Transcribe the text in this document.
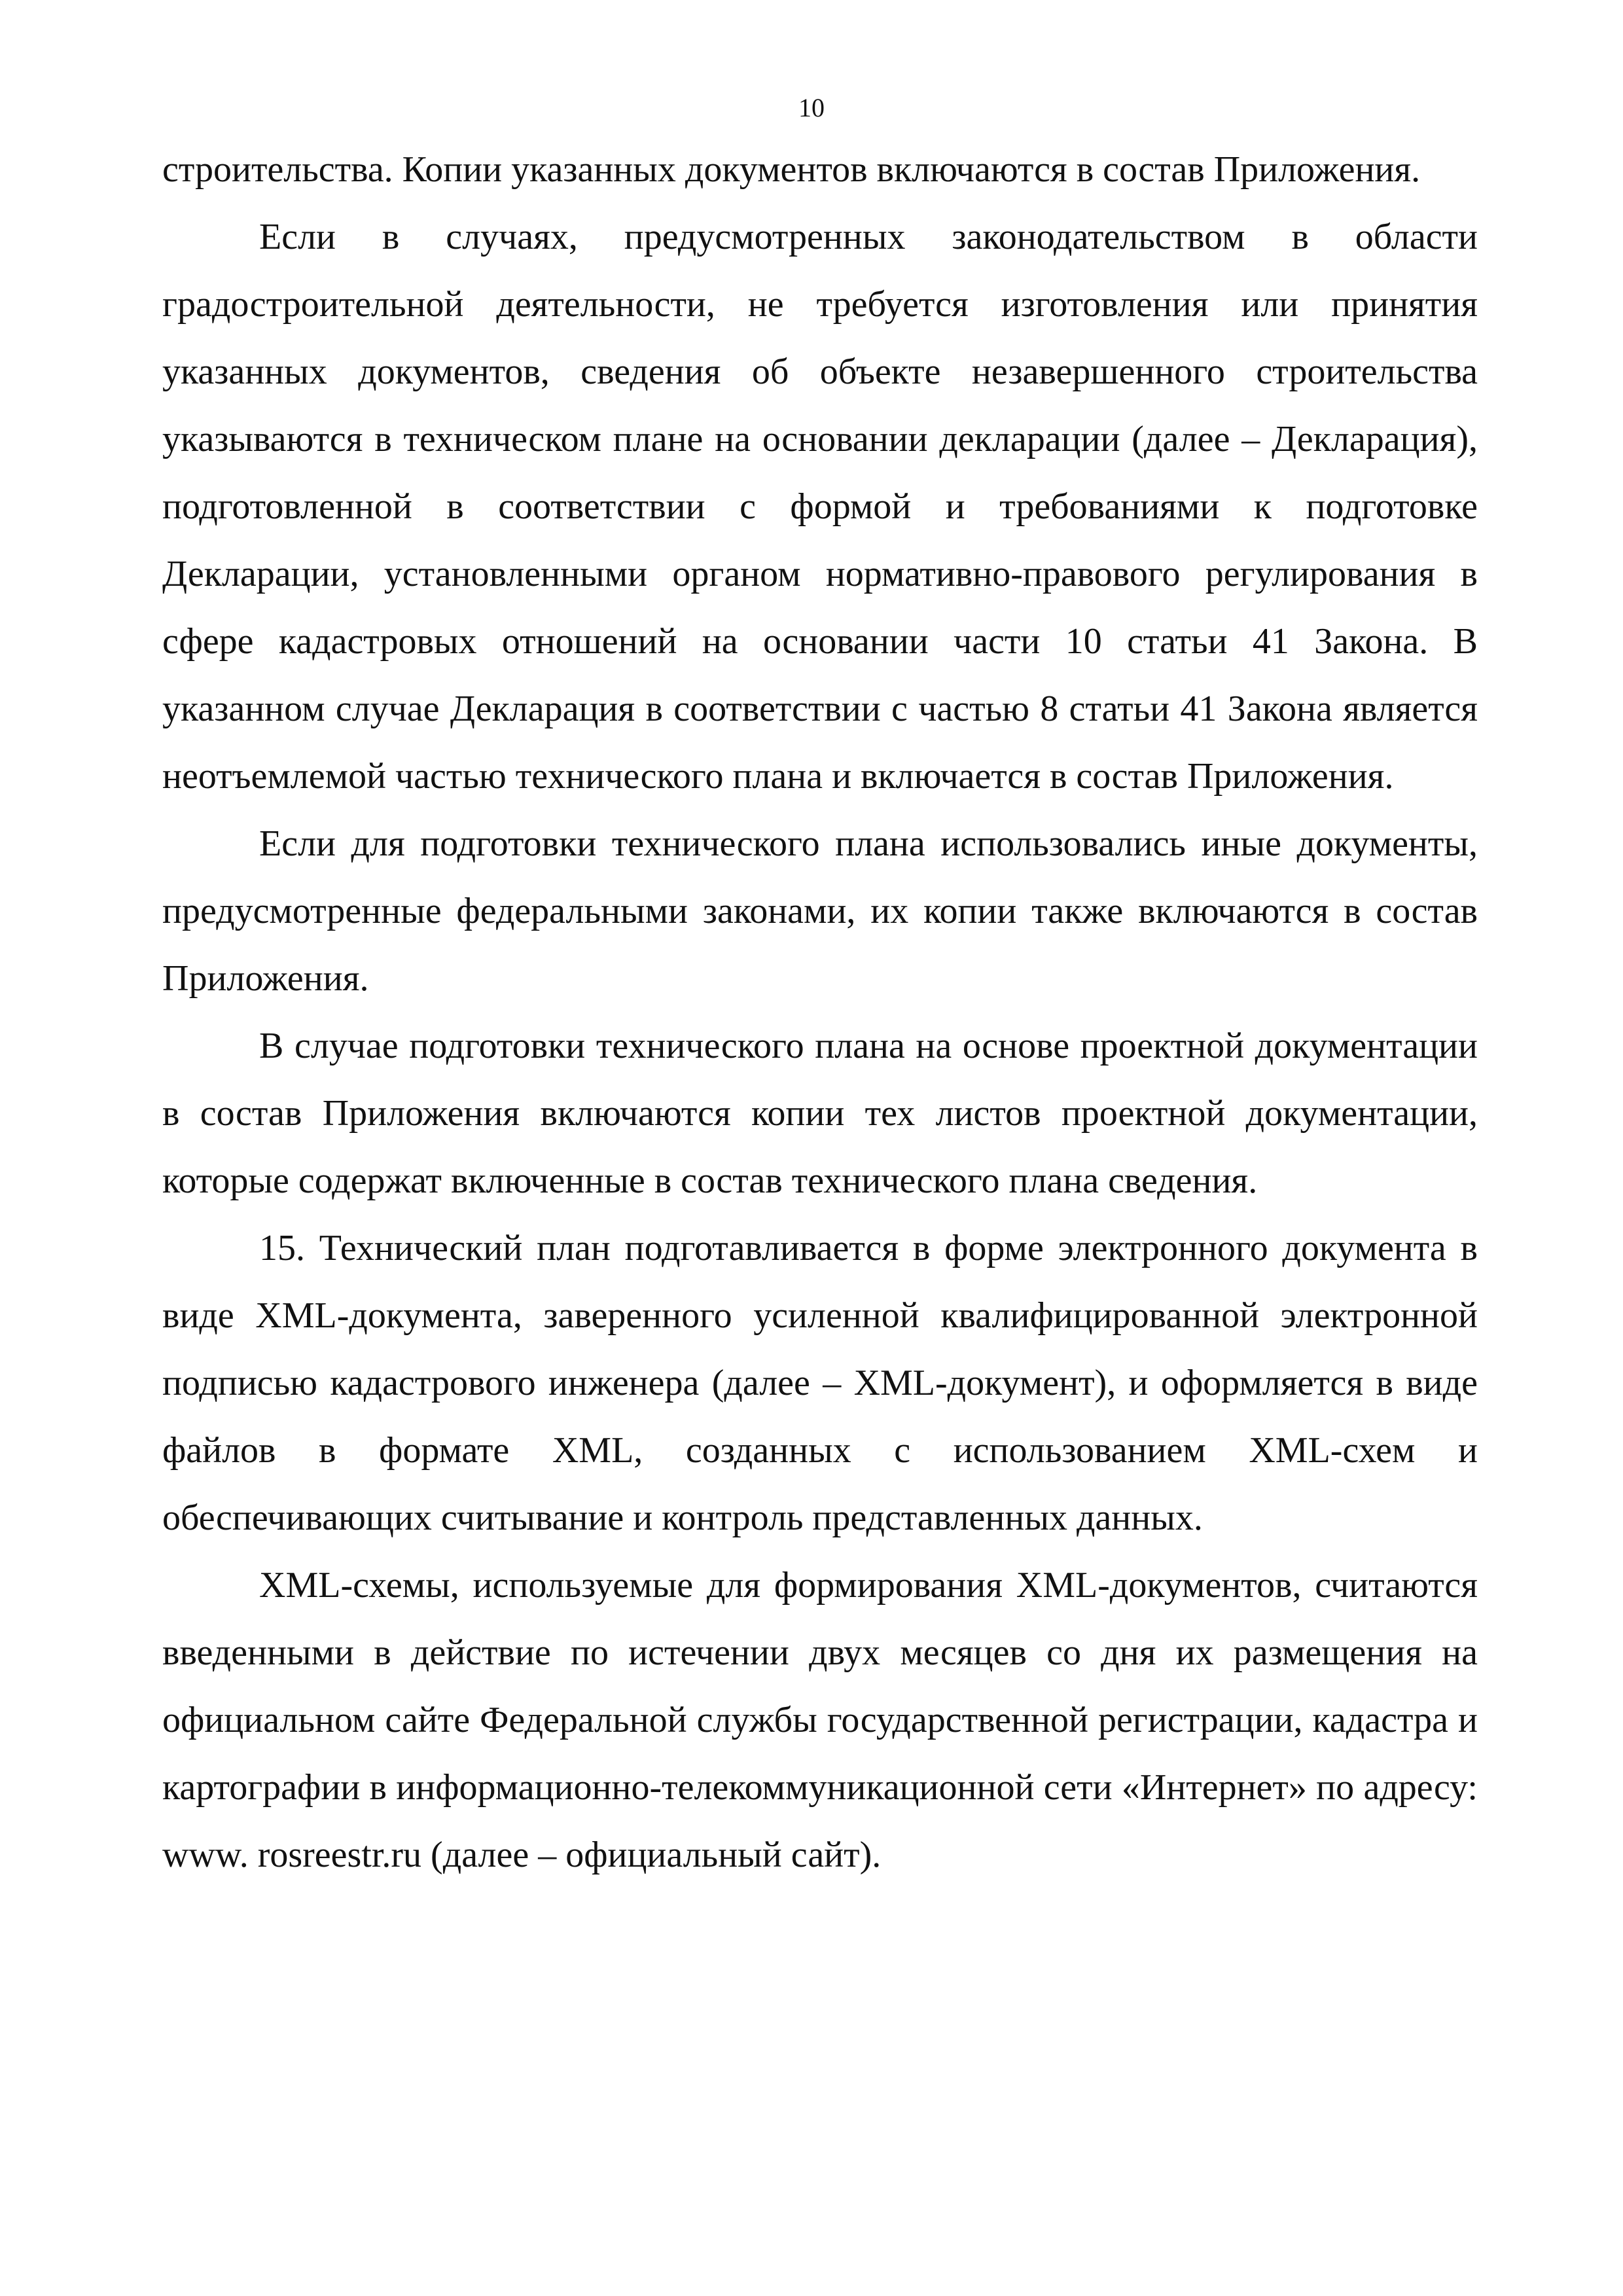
10

строительства. Копии указанных документов включаются в состав Приложения.

Если в случаях, предусмотренных законодательством в области градостроительной деятельности, не требуется изготовления или принятия указанных документов, сведения об объекте незавершенного строительства указываются в техническом плане на основании декларации (далее – Декларация), подготовленной в соответствии с формой и требованиями к подготовке Декларации, установленными органом нормативно-правового регулирования в сфере кадастровых отношений на основании части 10 статьи 41 Закона. В указанном случае Декларация в соответствии с частью 8 статьи 41 Закона является неотъемлемой частью технического плана и включается в состав Приложения.

Если для подготовки технического плана использовались иные документы, предусмотренные федеральными законами, их копии также включаются в состав Приложения.

В случае подготовки технического плана на основе проектной документации в состав Приложения включаются копии тех листов проектной документации, которые содержат включенные в состав технического плана сведения.

15. Технический план подготавливается в форме электронного документа в виде XML-документа, заверенного усиленной квалифицированной электронной подписью кадастрового инженера (далее – XML-документ), и оформляется в виде файлов в формате XML, созданных с использованием XML-схем и обеспечивающих считывание и контроль представленных данных.

XML-схемы, используемые для формирования XML-документов, считаются введенными в действие по истечении двух месяцев со дня их размещения на официальном сайте Федеральной службы государственной регистрации, кадастра и картографии в информационно-телекоммуникационной сети «Интернет» по адресу: www. rosreestr.ru (далее – официальный сайт).
